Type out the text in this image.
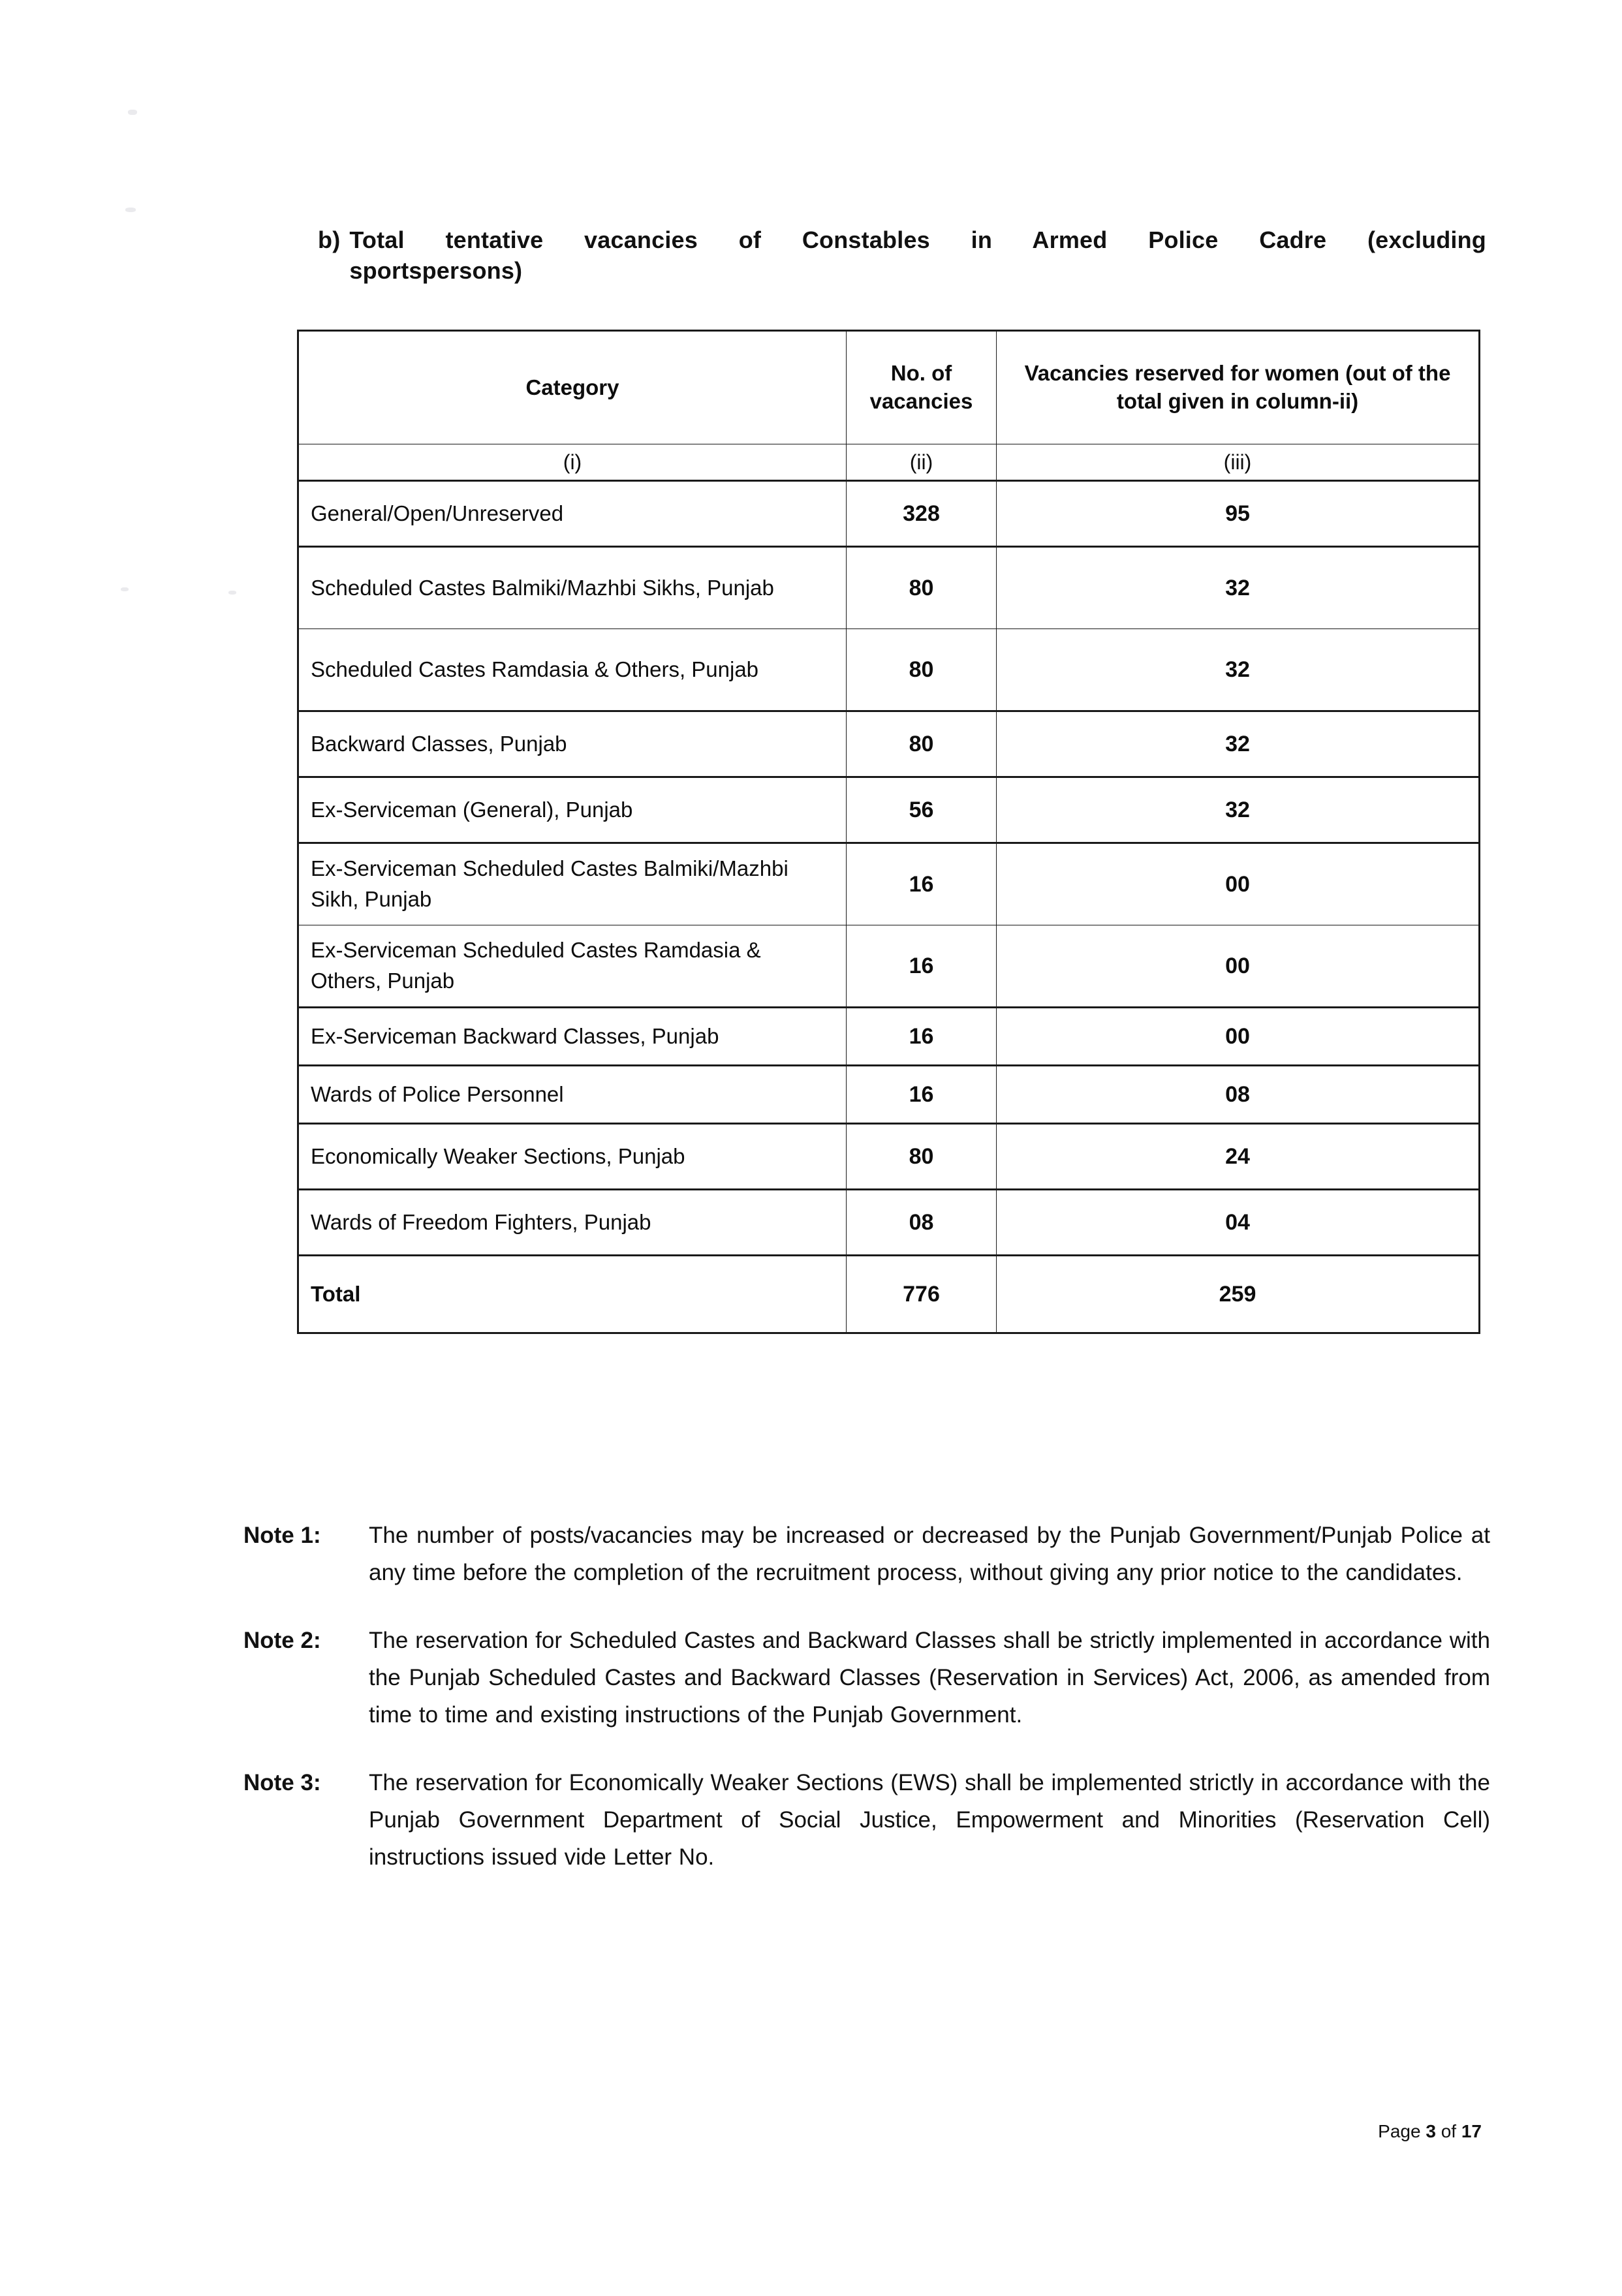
b) Total tentative vacancies of Constables in Armed Police Cadre (excluding
sportspersons)
Category	No. of vacancies	Vacancies reserved for women (out of the total given in column-ii)
(i)	(ii)	(iii)
General/Open/Unreserved	328	95
Scheduled Castes Balmiki/Mazhbi Sikhs, Punjab	80	32
Scheduled Castes Ramdasia & Others, Punjab	80	32
Backward Classes, Punjab	80	32
Ex-Serviceman (General), Punjab	56	32
Ex-Serviceman Scheduled Castes Balmiki/Mazhbi Sikh, Punjab	16	00
Ex-Serviceman Scheduled Castes Ramdasia & Others, Punjab	16	00
Ex-Serviceman Backward Classes, Punjab	16	00
Wards of Police Personnel	16	08
Economically Weaker Sections, Punjab	80	24
Wards of Freedom Fighters, Punjab	08	04
Total	776	259
Note 1:	The number of posts/vacancies may be increased or decreased by the Punjab Government/Punjab Police at any time before the completion of the recruitment process, without giving any prior notice to the candidates.
Note 2:	The reservation for Scheduled Castes and Backward Classes shall be strictly implemented in accordance with the Punjab Scheduled Castes and Backward Classes (Reservation in Services) Act, 2006, as amended from time to time and existing instructions of the Punjab Government.
Note 3:	The reservation for Economically Weaker Sections (EWS) shall be implemented strictly in accordance with the Punjab Government Department of Social Justice, Empowerment and Minorities (Reservation Cell) instructions issued vide Letter No.
Page 3 of 17
